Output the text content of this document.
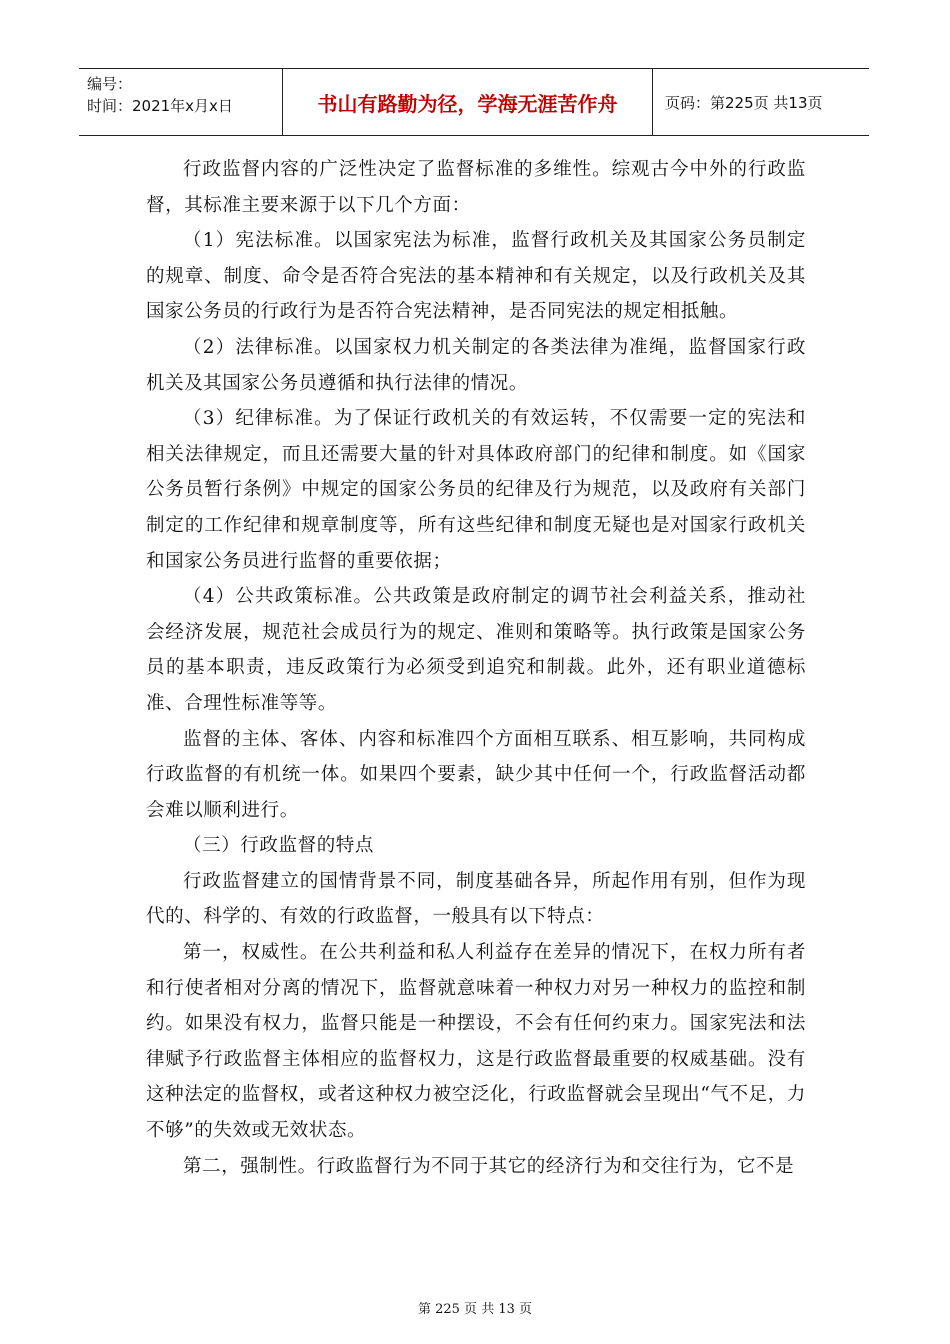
编号：
时间：2021年x月x日	书山有路勤为径，学海无涯苦作舟	页码：第225页 共13页

行政监督内容的广泛性决定了监督标准的多维性。综观古今中外的行政监督，其标准主要来源于以下几个方面：

（1）宪法标准。以国家宪法为标准，监督行政机关及其国家公务员制定的规章、制度、命令是否符合宪法的基本精神和有关规定，以及行政机关及其国家公务员的行政行为是否符合宪法精神，是否同宪法的规定相抵触。

（2）法律标准。以国家权力机关制定的各类法律为准绳，监督国家行政机关及其国家公务员遵循和执行法律的情况。

（3）纪律标准。为了保证行政机关的有效运转，不仅需要一定的宪法和相关法律规定，而且还需要大量的针对具体政府部门的纪律和制度。如《国家公务员暂行条例》中规定的国家公务员的纪律及行为规范，以及政府有关部门制定的工作纪律和规章制度等，所有这些纪律和制度无疑也是对国家行政机关和国家公务员进行监督的重要依据；

（4）公共政策标准。公共政策是政府制定的调节社会利益关系，推动社会经济发展，规范社会成员行为的规定、准则和策略等。执行政策是国家公务员的基本职责，违反政策行为必须受到追究和制裁。此外，还有职业道德标准、合理性标准等等。

监督的主体、客体、内容和标准四个方面相互联系、相互影响，共同构成行政监督的有机统一体。如果四个要素，缺少其中任何一个，行政监督活动都会难以顺利进行。

（三）行政监督的特点

行政监督建立的国情背景不同，制度基础各异，所起作用有别，但作为现代的、科学的、有效的行政监督，一般具有以下特点：

第一，权威性。在公共利益和私人利益存在差异的情况下，在权力所有者和行使者相对分离的情况下，监督就意味着一种权力对另一种权力的监控和制约。如果没有权力，监督只能是一种摆设，不会有任何约束力。国家宪法和法律赋予行政监督主体相应的监督权力，这是行政监督最重要的权威基础。没有这种法定的监督权，或者这种权力被空泛化，行政监督就会呈现出“气不足，力不够”的失效或无效状态。

第二，强制性。行政监督行为不同于其它的经济行为和交往行为，它不是

第 225 页 共 13 页
